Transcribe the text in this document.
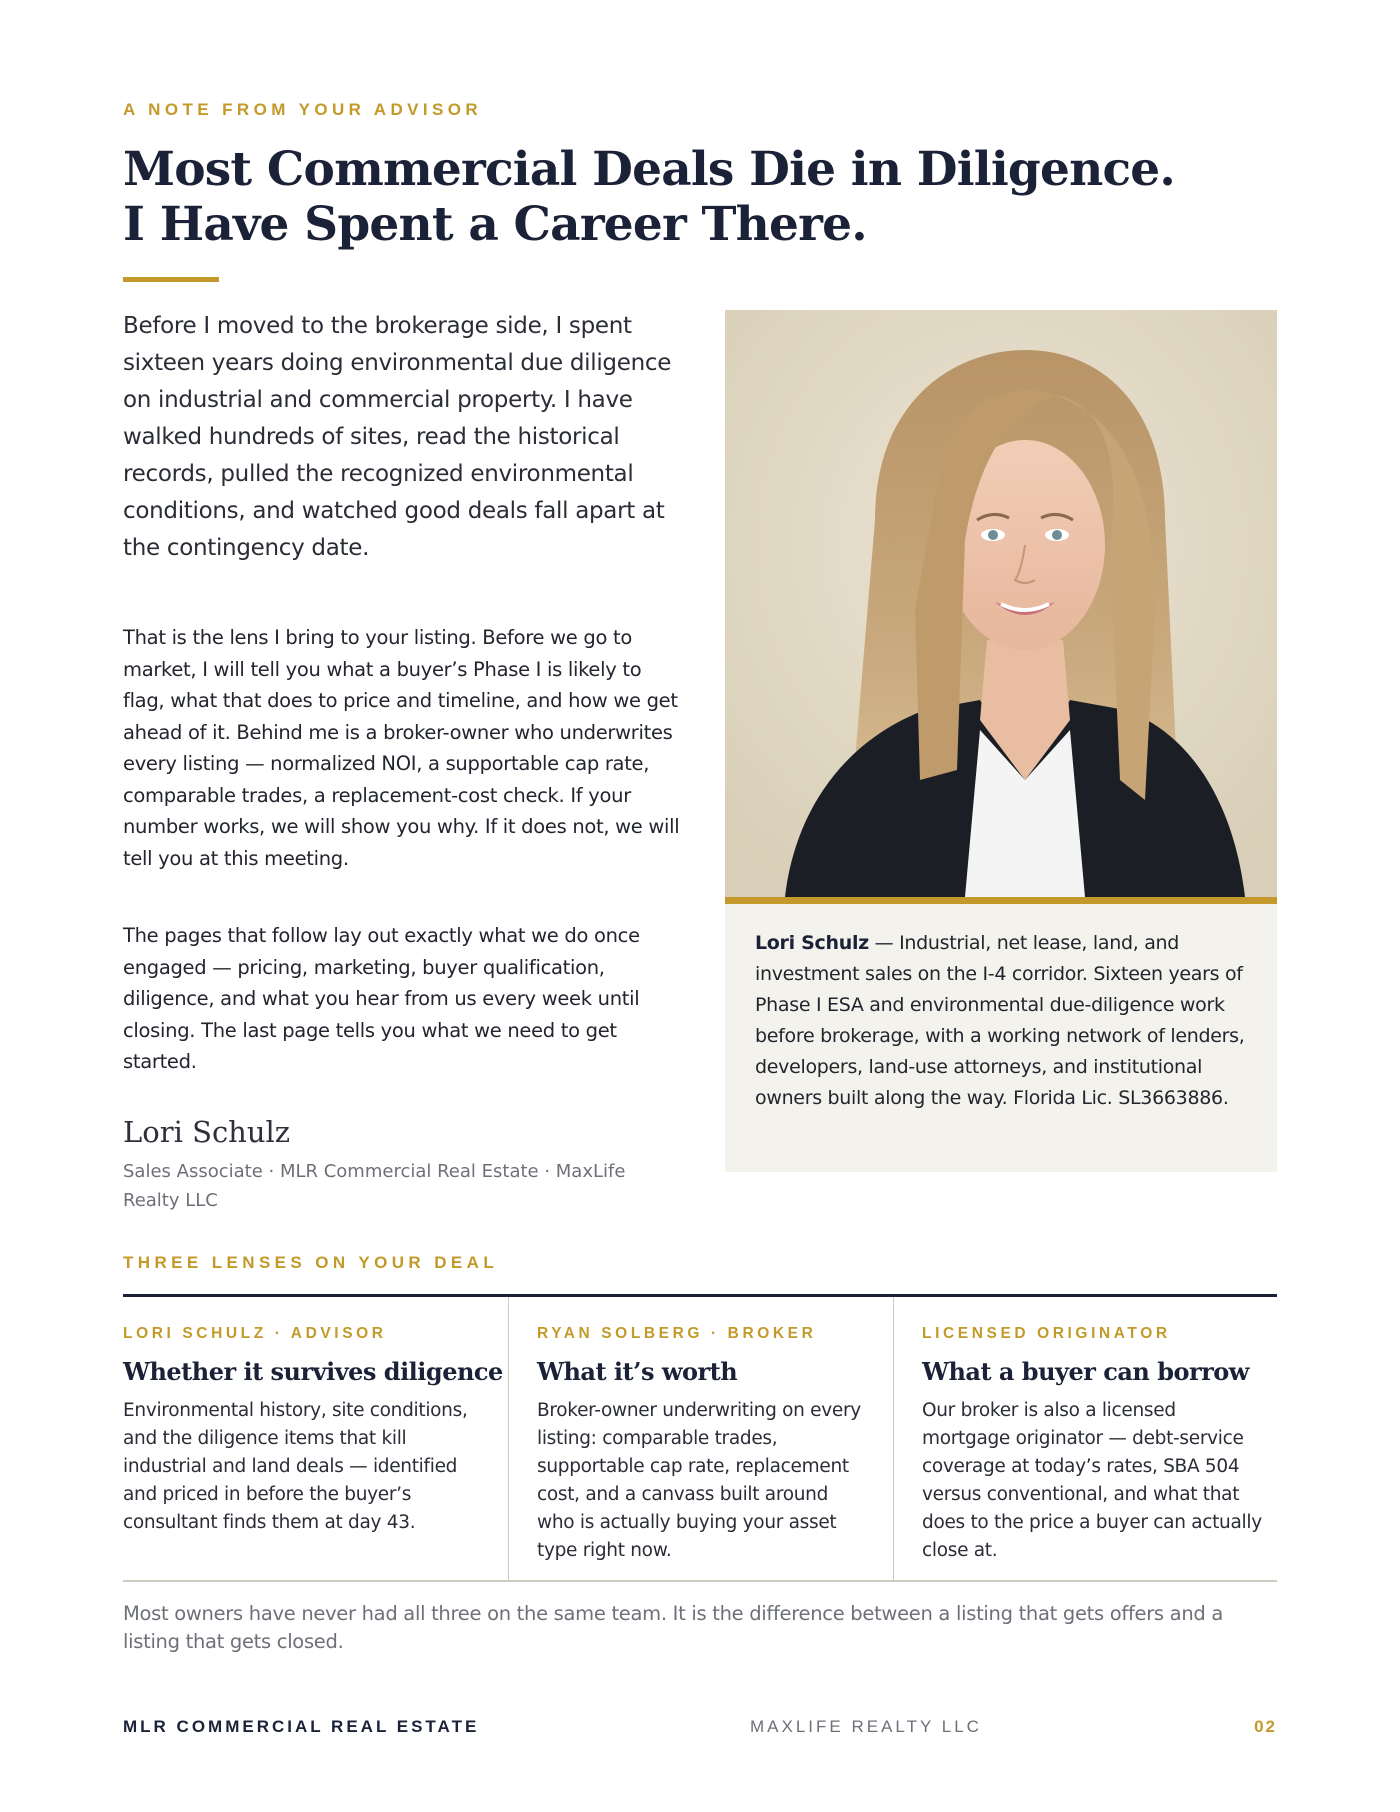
A NOTE FROM YOUR ADVISOR
Most Commercial Deals Die in Diligence.
I Have Spent a Career There.

Before I moved to the brokerage side, I spent sixteen years doing environmental due diligence on industrial and commercial property. I have walked hundreds of sites, read the historical records, pulled the recognized environmental conditions, and watched good deals fall apart at the contingency date.

That is the lens I bring to your listing. Before we go to market, I will tell you what a buyer’s Phase I is likely to flag, what that does to price and timeline, and how we get ahead of it. Behind me is a broker-owner who underwrites every listing — normalized NOI, a supportable cap rate, comparable trades, a replacement-cost check. If your number works, we will show you why. If it does not, we will tell you at this meeting.

The pages that follow lay out exactly what we do once engaged — pricing, marketing, buyer qualification, diligence, and what you hear from us every week until closing. The last page tells you what we need to get started.

Lori Schulz
Sales Associate · MLR Commercial Real Estate · MaxLife Realty LLC
Lori Schulz — Industrial, net lease, land, and investment sales on the I-4 corridor. Sixteen years of Phase I ESA and environmental due-diligence work before brokerage, with a working network of lenders, developers, land-use attorneys, and institutional owners built along the way. Florida Lic. SL3663886.
THREE LENSES ON YOUR DEAL
LORI SCHULZ · ADVISOR
Whether it survives diligence
Environmental history, site conditions, and the diligence items that kill industrial and land deals — identified and priced in before the buyer’s consultant finds them at day 43.
RYAN SOLBERG · BROKER
What it’s worth
Broker-owner underwriting on every listing: comparable trades, supportable cap rate, replacement cost, and a canvass built around who is actually buying your asset type right now.
LICENSED ORIGINATOR
What a buyer can borrow
Our broker is also a licensed mortgage originator — debt-service coverage at today’s rates, SBA 504 versus conventional, and what that does to the price a buyer can actually close at.
Most owners have never had all three on the same team. It is the difference between a listing that gets offers and a listing that gets closed.
MLR COMMERCIAL REAL ESTATE	MAXLIFE REALTY LLC	02
